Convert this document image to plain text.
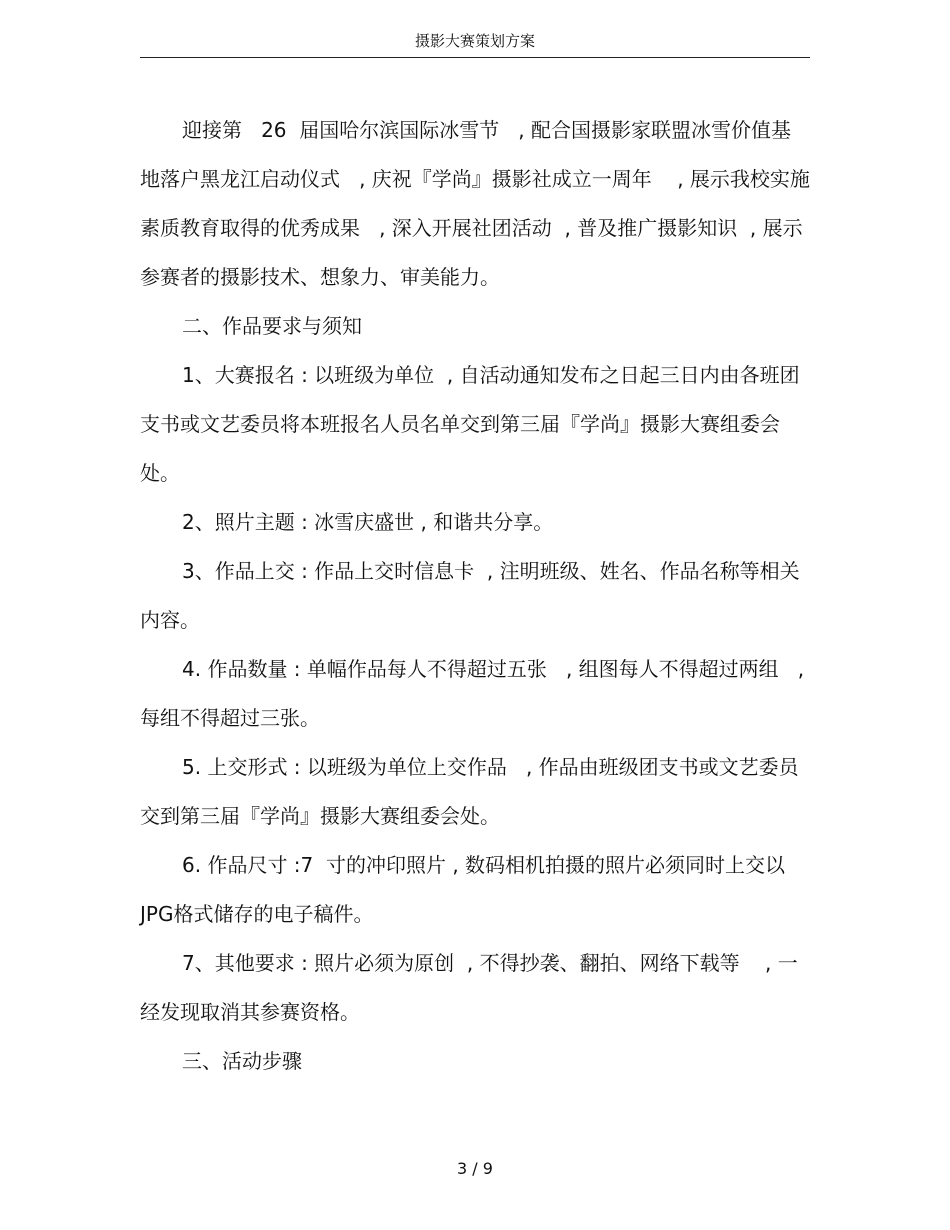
摄影大赛策划方案

迎接第   26  届国哈尔滨国际冰雪节   , 配合国摄影家联盟冰雪价值基地落户黑龙江启动仪式   , 庆祝『学尚』摄影社成立一周年    , 展示我校实施素质教育取得的优秀成果   , 深入开展社团活动  , 普及推广摄影知识  , 展示参赛者的摄影技术、想象力、审美能力。

二、作品要求与须知

1、大赛报名 : 以班级为单位  , 自活动通知发布之日起三日内由各班团支书或文艺委员将本班报名人员名单交到第三届『学尚』摄影大赛组委会处。

2、照片主题 : 冰雪庆盛世 , 和谐共分享。

3、作品上交 : 作品上交时信息卡  , 注明班级、姓名、作品名称等相关内容。

4. 作品数量 : 单幅作品每人不得超过五张   , 组图每人不得超过两组   , 每组不得超过三张。

5. 上交形式 : 以班级为单位上交作品   , 作品由班级团支书或文艺委员交到第三届『学尚』摄影大赛组委会处。

6. 作品尺寸 :7  寸的冲印照片 , 数码相机拍摄的照片必须同时上交以 JPG格式储存的电子稿件。

7、其他要求 : 照片必须为原创  , 不得抄袭、翻拍、网络下载等    , 一经发现取消其参赛资格。

三、活动步骤

3 / 9
